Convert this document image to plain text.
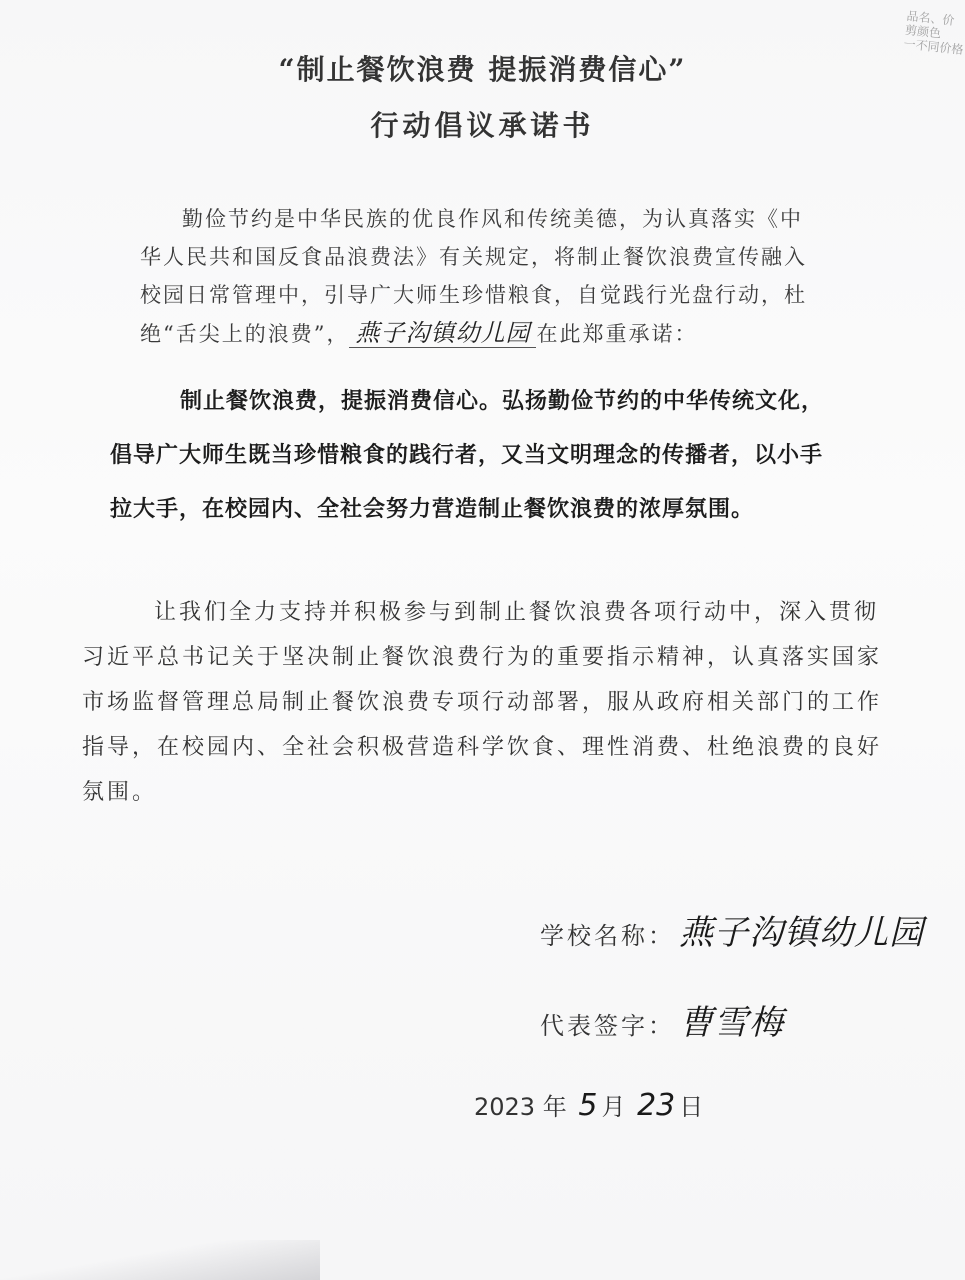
品名、价
剪颜色
一不同价格
“制止餐饮浪费 提振消费信心”
行动倡议承诺书
勤俭节约是中华民族的优良作风和传统美德，为认真落实《中华人民共和国反食品浪费法》有关规定，将制止餐饮浪费宣传融入校园日常管理中，引导广大师生珍惜粮食，自觉践行光盘行动，杜绝“舌尖上的浪费”， 燕子沟镇幼儿园 在此郑重承诺：
制止餐饮浪费，提振消费信心。弘扬勤俭节约的中华传统文化，倡导广大师生既当珍惜粮食的践行者，又当文明理念的传播者，以小手拉大手，在校园内、全社会努力营造制止餐饮浪费的浓厚氛围。
让我们全力支持并积极参与到制止餐饮浪费各项行动中，深入贯彻习近平总书记关于坚决制止餐饮浪费行为的重要指示精神，认真落实国家市场监督管理总局制止餐饮浪费专项行动部署，服从政府相关部门的工作指导，在校园内、全社会积极营造科学饮食、理性消费、杜绝浪费的良好氛围。
学校名称： 燕子沟镇幼儿园
代表签字： 曹雪梅
2023 年 5 月 23 日
